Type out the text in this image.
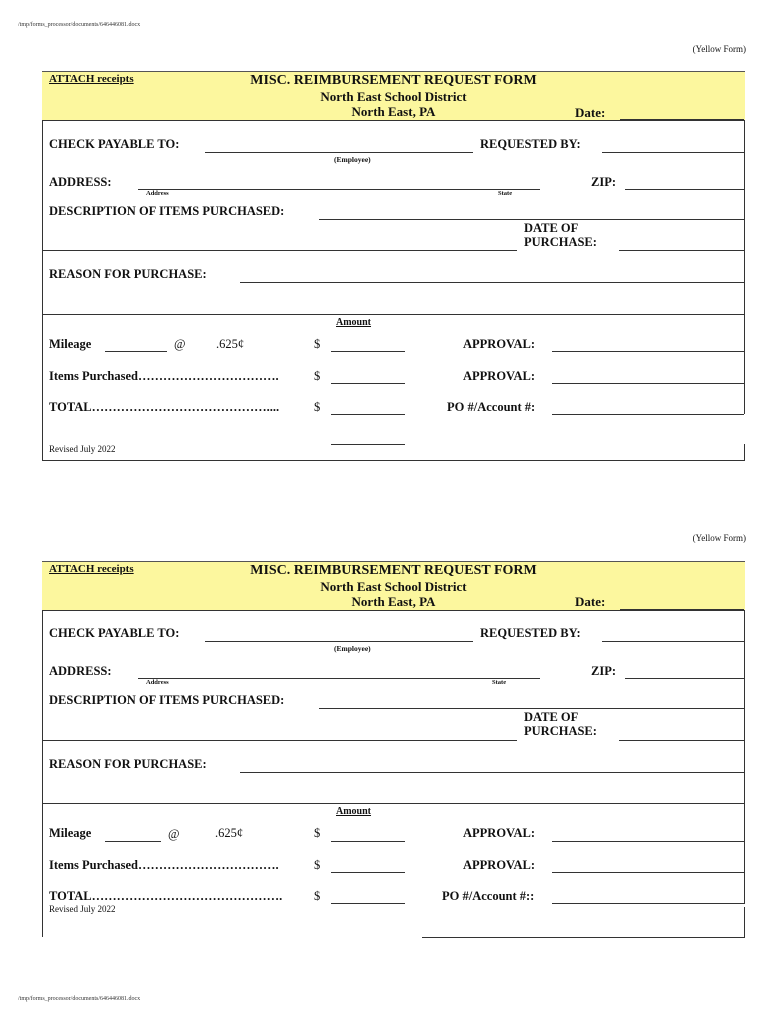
/tmp/forms_processor/documents/646446081.docx
/tmp/forms_processor/documents/646446081.docx
(Yellow Form)
ATTACH receipts	MISC. REIMBURSEMENT REQUEST FORM
North East School District
North East, PA	Date:
CHECK PAYABLE TO:
(Employee)
REQUESTED BY:
ADDRESS:
Address	State
ZIP:
DESCRIPTION OF ITEMS PURCHASED:
DATE OF
PURCHASE:
REASON FOR PURCHASE:
Amount
Mileage	@ .625¢	$	APPROVAL:
Items Purchased…………………………….	$	APPROVAL:
TOTAL……………………………………....	$	PO #/Account #:
Revised July 2022
(Yellow Form)
ATTACH receipts	MISC. REIMBURSEMENT REQUEST FORM
North East School District
North East, PA	Date:
CHECK PAYABLE TO:
(Employee)
REQUESTED BY:
ADDRESS:
Address	State
ZIP:
DESCRIPTION OF ITEMS PURCHASED:
DATE OF
PURCHASE:
REASON FOR PURCHASE:
Amount
Mileage	@	.625¢	$	APPROVAL:
Items Purchased…………………………….	$	APPROVAL:
TOTAL……………………………………….	$	PO #/Account #::
Revised July 2022
